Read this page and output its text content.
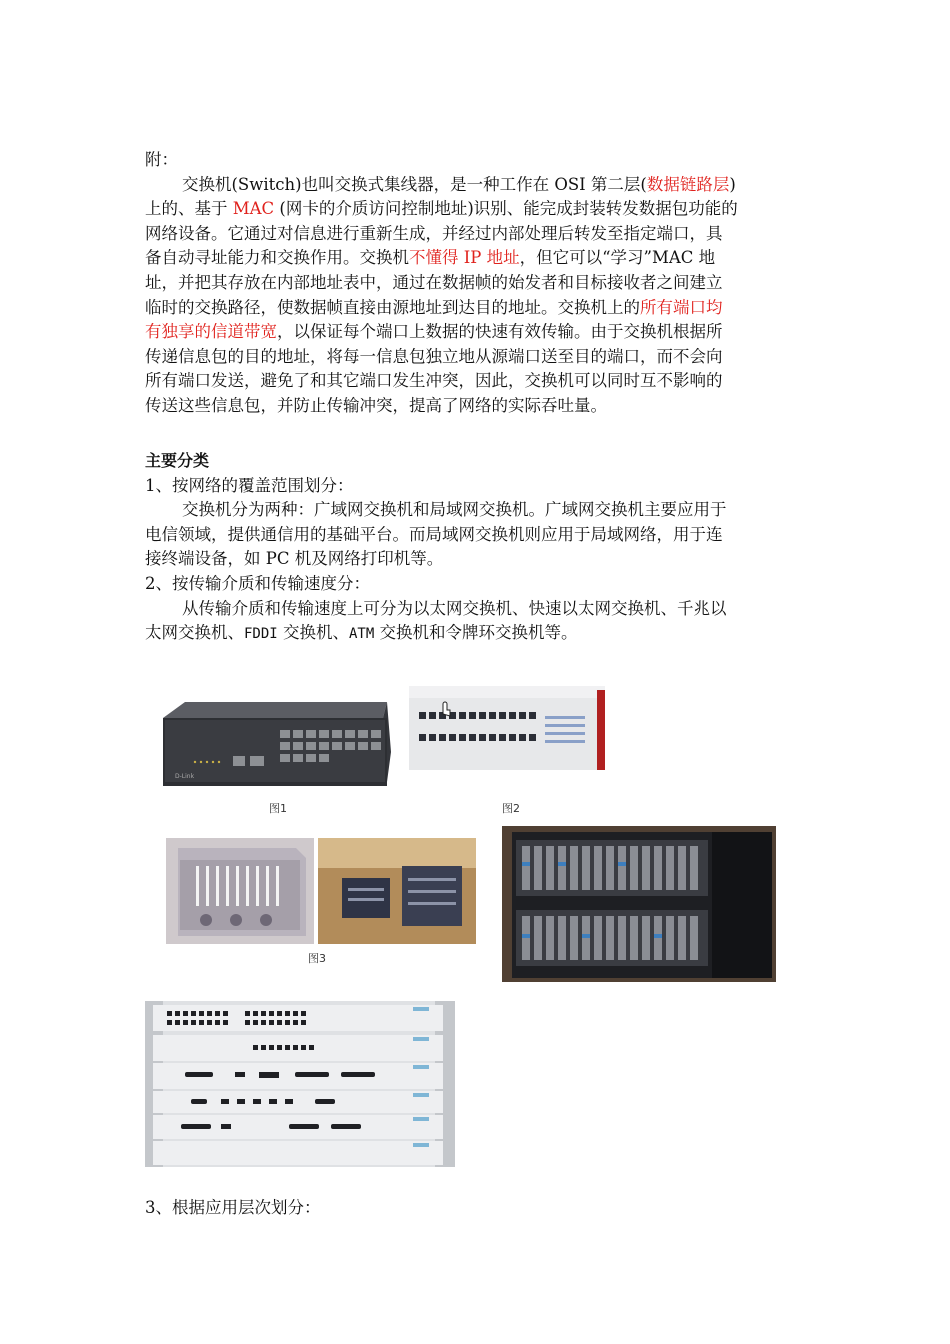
附：
交换机(Switch)也叫交换式集线器，是一种工作在 OSI 第二层(数据链路层)
上的、基于 MAC (网卡的介质访问控制地址)识别、能完成封装转发数据包功能的
网络设备。它通过对信息进行重新生成，并经过内部处理后转发至指定端口，具
备自动寻址能力和交换作用。交换机不懂得 IP 地址，但它可以“学习”MAC 地
址，并把其存放在内部地址表中，通过在数据帧的始发者和目标接收者之间建立
临时的交换路径，使数据帧直接由源地址到达目的地址。交换机上的所有端口均
有独享的信道带宽，以保证每个端口上数据的快速有效传输。由于交换机根据所
传递信息包的目的地址，将每一信息包独立地从源端口送至目的端口，而不会向
所有端口发送，避免了和其它端口发生冲突，因此，交换机可以同时互不影响的
传送这些信息包，并防止传输冲突，提高了网络的实际吞吐量。
主要分类
1、按网络的覆盖范围划分：
交换机分为两种：广域网交换机和局域网交换机。广域网交换机主要应用于
电信领域，提供通信用的基础平台。而局域网交换机则应用于局域网络，用于连
接终端设备，如 PC 机及网络打印机等。
2、按传输介质和传输速度分：
从传输介质和传输速度上可分为以太网交换机、快速以太网交换机、千兆以
太网交换机、FDDI 交换机、ATM 交换机和令牌环交换机等。
D-Link
图1	图2
图3
3、根据应用层次划分：
